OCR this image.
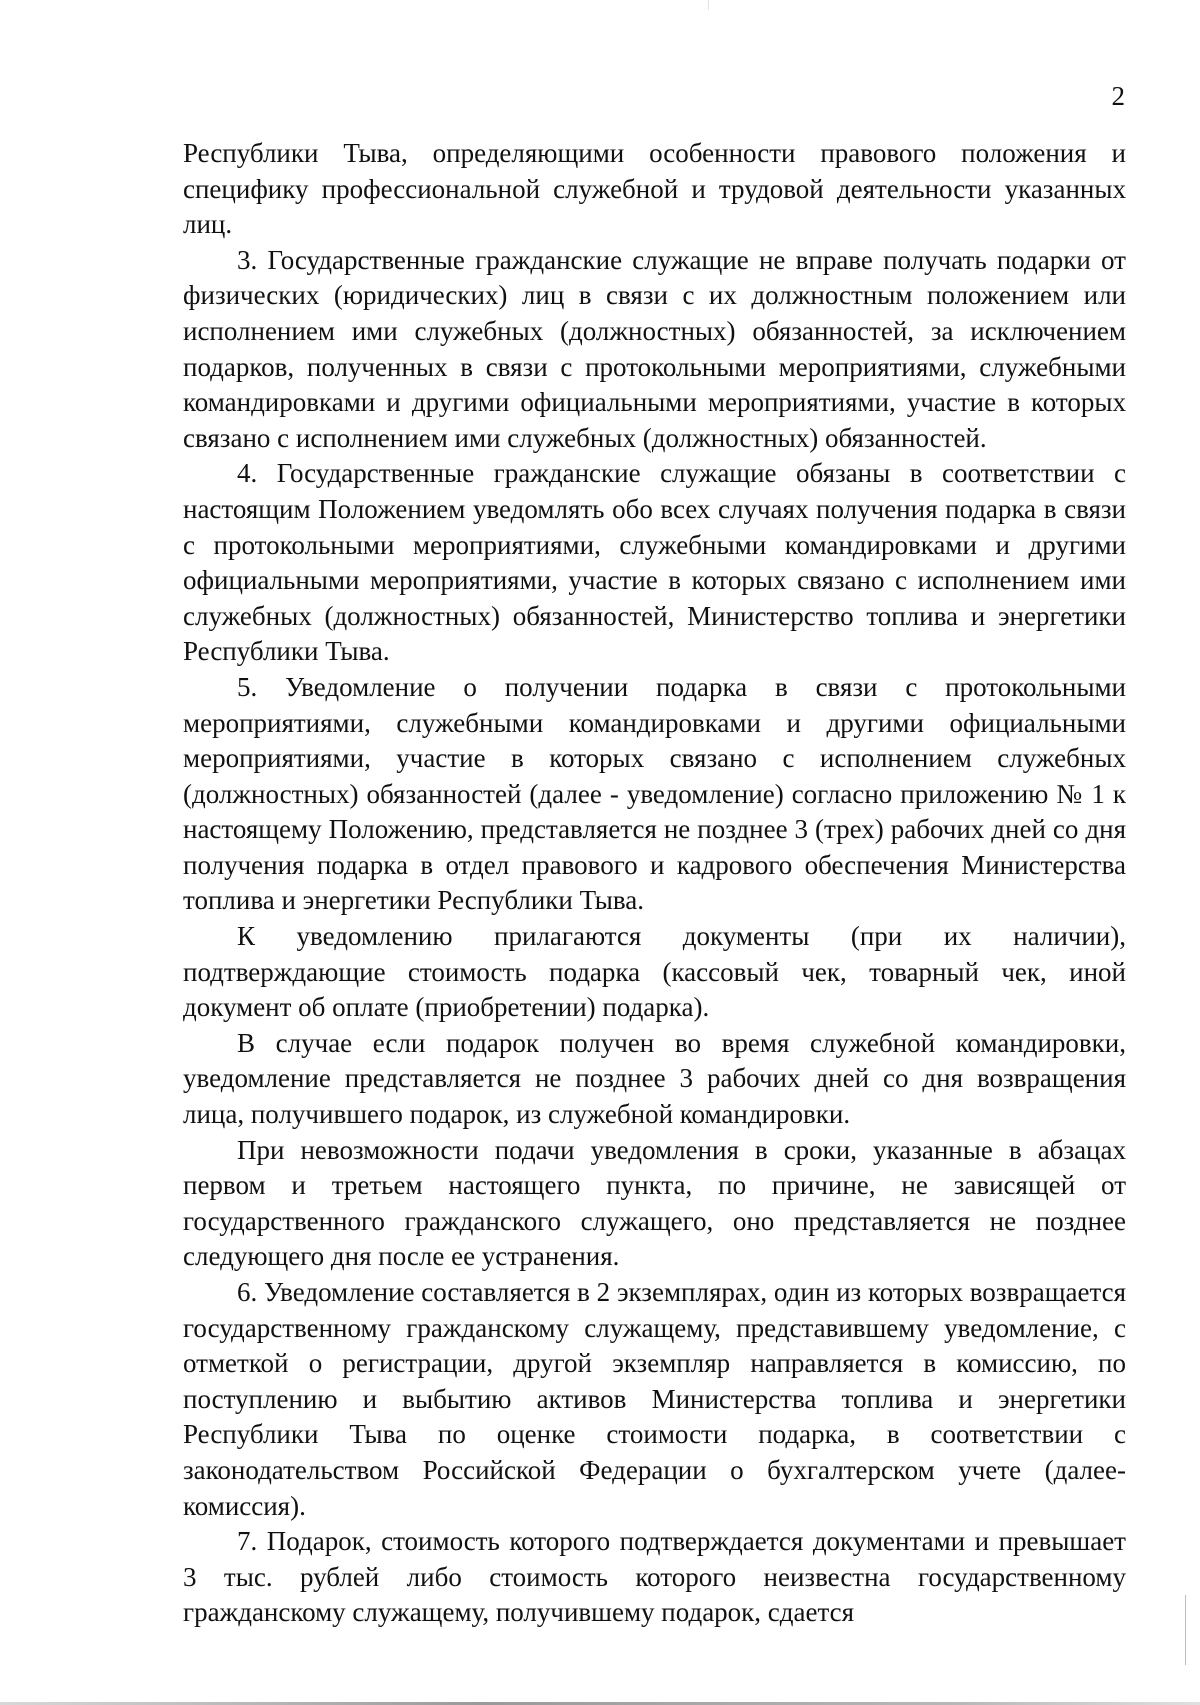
2

Республики Тыва, определяющими особенности правового положения и специфику профессиональной служебной и трудовой деятельности указанных лиц.

3. Государственные гражданские служащие не вправе получать подарки от физических (юридических) лиц в связи с их должностным положением или исполнением ими служебных (должностных) обязанностей, за исключением подарков, полученных в связи с протокольными мероприятиями, служебными командировками и другими официальными мероприятиями, участие в которых связано с исполнением ими служебных (должностных) обязанностей.

4. Государственные гражданские служащие обязаны в соответствии с настоящим Положением уведомлять обо всех случаях получения подарка в связи с протокольными мероприятиями, служебными командировками и другими официальными мероприятиями, участие в которых связано с исполнением ими служебных (должностных) обязанностей, Министерство топлива и энергетики Республики Тыва.

5. Уведомление о получении подарка в связи с протокольными мероприятиями, служебными командировками и другими официальными мероприятиями, участие в которых связано с исполнением служебных (должностных) обязанностей (далее - уведомление) согласно приложению № 1 к настоящему Положению, представляется не позднее 3 (трех) рабочих дней со дня получения подарка в отдел правового и кадрового обеспечения Министерства топлива и энергетики Республики Тыва.

К уведомлению прилагаются документы (при их наличии), подтверждающие стоимость подарка (кассовый чек, товарный чек, иной документ об оплате (приобретении) подарка).

В случае если подарок получен во время служебной командировки, уведомление представляется не позднее 3 рабочих дней со дня возвращения лица, получившего подарок, из служебной командировки.

При невозможности подачи уведомления в сроки, указанные в абзацах первом и третьем настоящего пункта, по причине, не зависящей от государственного гражданского служащего, оно представляется не позднее следующего дня после ее устранения.

6. Уведомление составляется в 2 экземплярах, один из которых возвращается государственному гражданскому служащему, представившему уведомление, с отметкой о регистрации, другой экземпляр направляется в комиссию, по поступлению и выбытию активов Министерства топлива и энергетики Республики Тыва по оценке стоимости подарка, в соответствии с законодательством Российской Федерации о бухгалтерском учете (далее-комиссия).

7. Подарок, стоимость которого подтверждается документами и превышает 3 тыс. рублей либо стоимость которого неизвестна государственному гражданскому служащему, получившему подарок, сдается
